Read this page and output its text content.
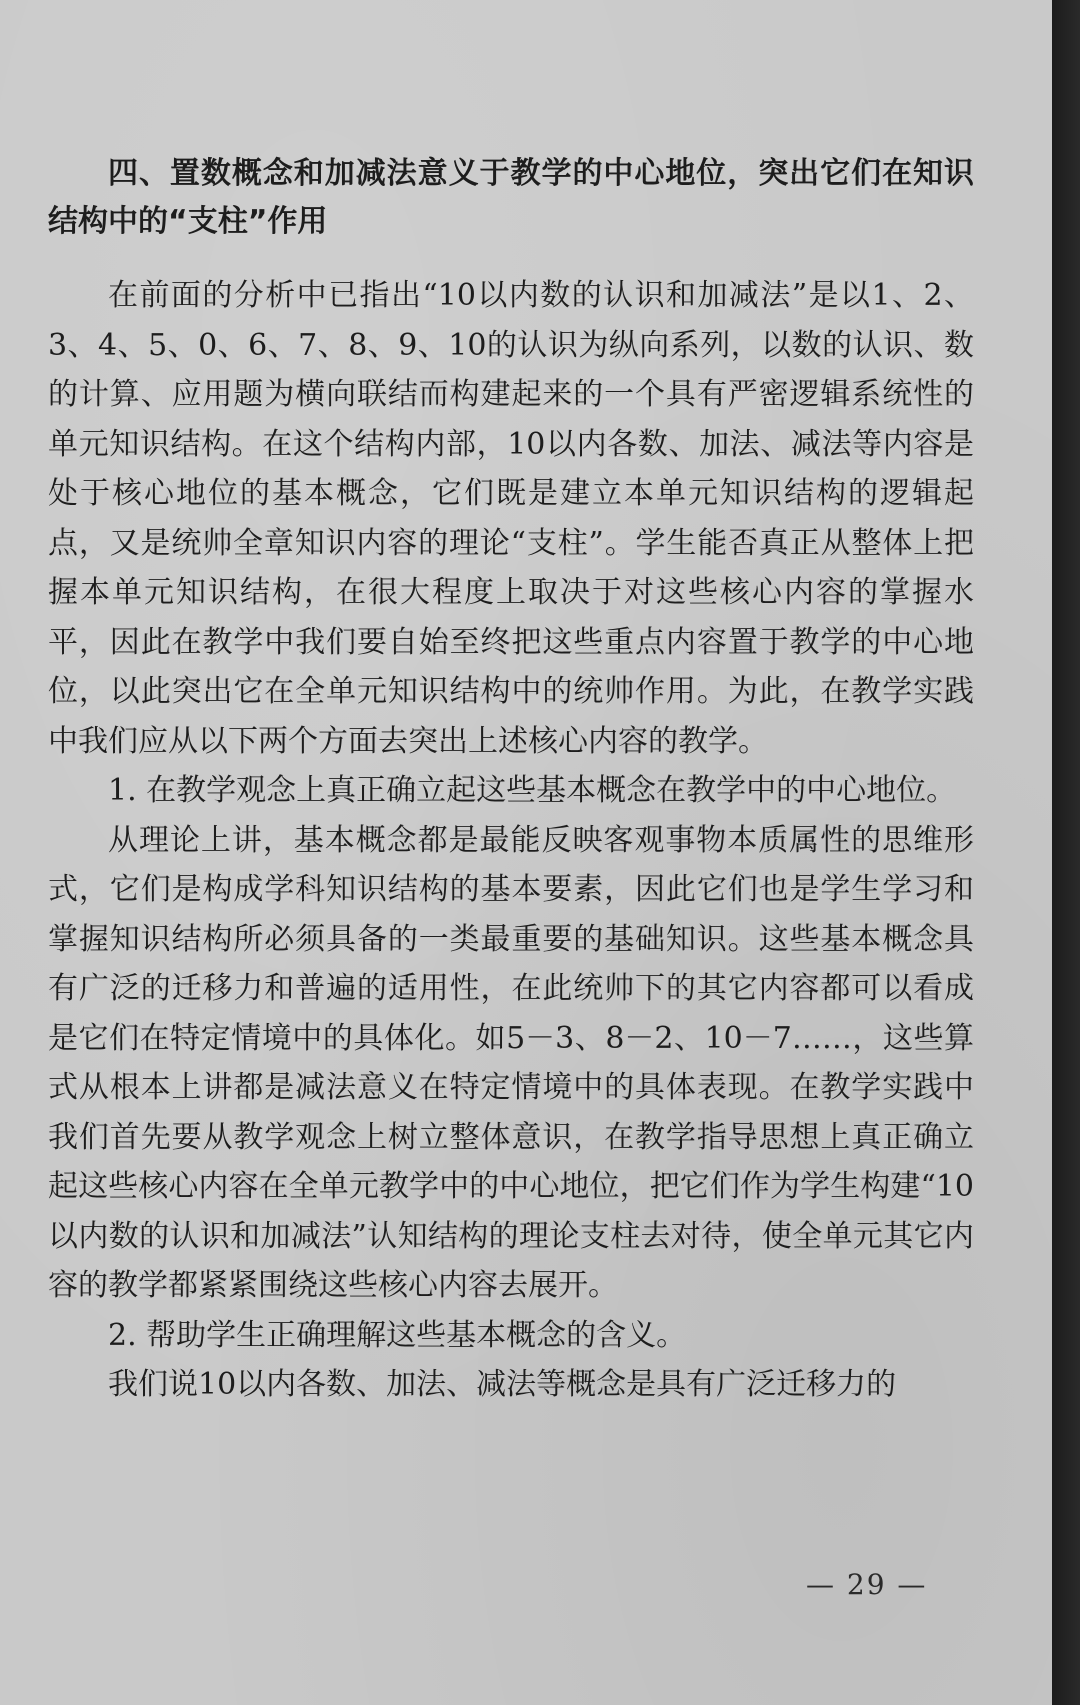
四、置数概念和加减法意义于教学的中心地位，突出它们在知识结构中的“支柱”作用

在前面的分析中已指出“10以内数的认识和加减法”是以1、2、3、4、5、0、6、7、8、9、10的认识为纵向系列，以数的认识、数的计算、应用题为横向联结而构建起来的一个具有严密逻辑系统性的单元知识结构。在这个结构内部，10以内各数、加法、减法等内容是处于核心地位的基本概念，它们既是建立本单元知识结构的逻辑起点，又是统帅全章知识内容的理论“支柱”。学生能否真正从整体上把握本单元知识结构，在很大程度上取决于对这些核心内容的掌握水平，因此在教学中我们要自始至终把这些重点内容置于教学的中心地位，以此突出它在全单元知识结构中的统帅作用。为此，在教学实践中我们应从以下两个方面去突出上述核心内容的教学。

1. 在教学观念上真正确立起这些基本概念在教学中的中心地位。

从理论上讲，基本概念都是最能反映客观事物本质属性的思维形式，它们是构成学科知识结构的基本要素，因此它们也是学生学习和掌握知识结构所必须具备的一类最重要的基础知识。这些基本概念具有广泛的迁移力和普遍的适用性，在此统帅下的其它内容都可以看成是它们在特定情境中的具体化。如5－3、8－2、10－7……，这些算式从根本上讲都是减法意义在特定情境中的具体表现。在教学实践中我们首先要从教学观念上树立整体意识，在教学指导思想上真正确立起这些核心内容在全单元教学中的中心地位，把它们作为学生构建“10以内数的认识和加减法”认知结构的理论支柱去对待，使全单元其它内容的教学都紧紧围绕这些核心内容去展开。

2. 帮助学生正确理解这些基本概念的含义。

我们说10以内各数、加法、减法等概念是具有广泛迁移力的

— 29 —
